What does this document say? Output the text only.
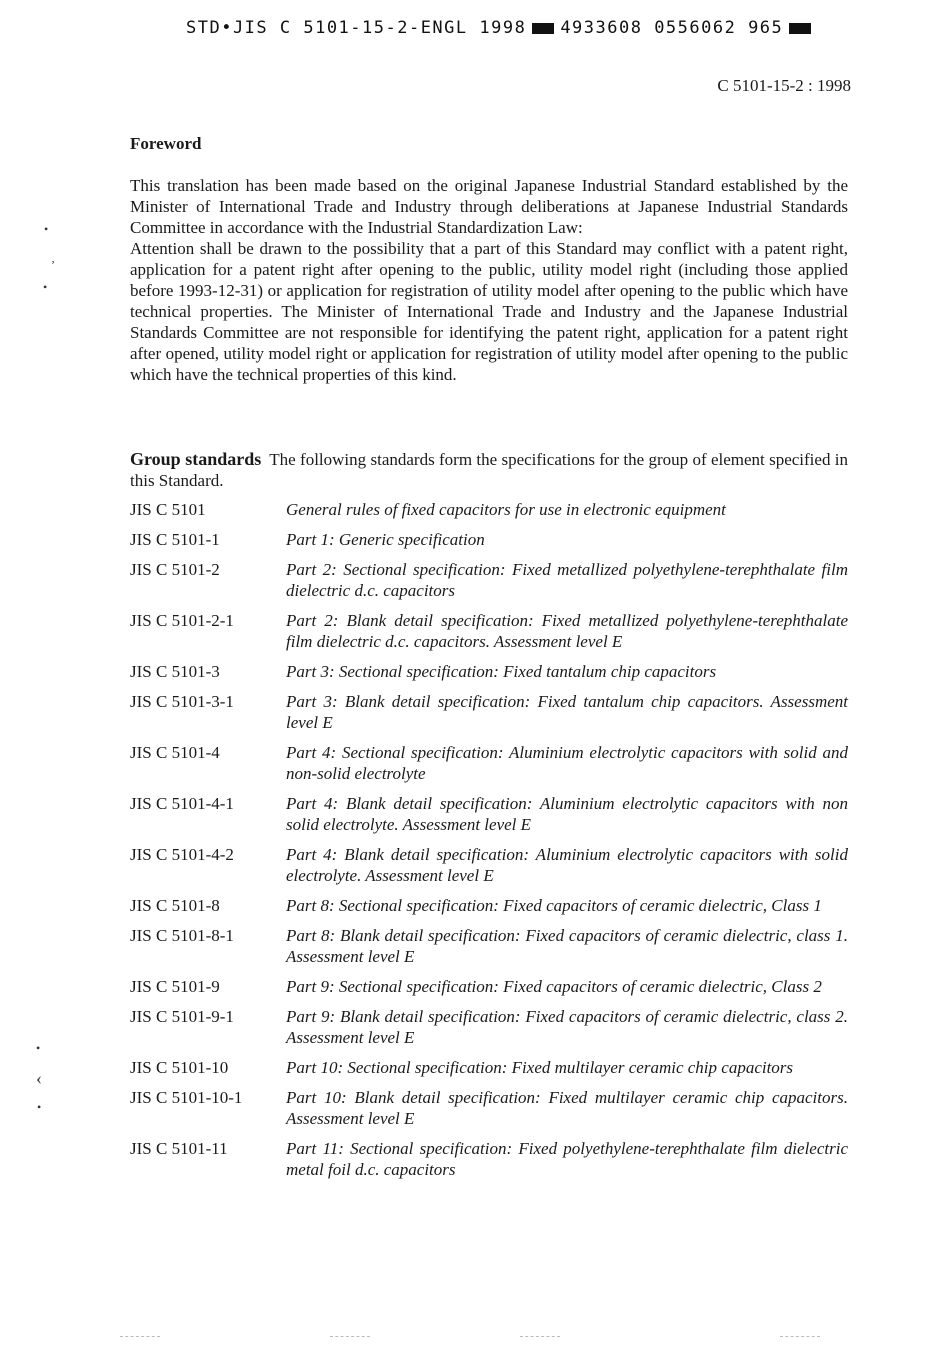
STD•JIS C 5101-15-2-ENGL 1998 4933608 0556062 965
C 5101-15-2 : 1998
Foreword

This translation has been made based on the original Japanese Industrial Standard established by the Minister of International Trade and Industry through deliberations at Japanese Industrial Standards Committee in accordance with the Industrial Standardization Law:

Attention shall be drawn to the possibility that a part of this Standard may conflict with a patent right, application for a patent right after opening to the public, utility model right (including those applied before 1993-12-31) or application for registration of utility model after opening to the public which have technical properties. The Minister of International Trade and Industry and the Japanese Industrial Standards Committee are not responsible for identifying the patent right, application for a patent right after opened, utility model right or application for registration of utility model after opening to the public which have the technical properties of this kind.

Group standards The following standards form the specifications for the group of element specified in this Standard.
JIS C 5101	General rules of fixed capacitors for use in electronic equipment
JIS C 5101-1	Part 1: Generic specification
JIS C 5101-2	Part 2: Sectional specification: Fixed metallized polyethylene-terephthalate film dielectric d.c. capacitors
JIS C 5101-2-1	Part 2: Blank detail specification: Fixed metallized polyethylene-terephthalate film dielectric d.c. capacitors. Assessment level E
JIS C 5101-3	Part 3: Sectional specification: Fixed tantalum chip capacitors
JIS C 5101-3-1	Part 3: Blank detail specification: Fixed tantalum chip capacitors. Assessment level E
JIS C 5101-4	Part 4: Sectional specification: Aluminium electrolytic capacitors with solid and non-solid electrolyte
JIS C 5101-4-1	Part 4: Blank detail specification: Aluminium electrolytic capacitors with non solid electrolyte. Assessment level E
JIS C 5101-4-2	Part 4: Blank detail specification: Aluminium electrolytic capacitors with solid electrolyte. Assessment level E
JIS C 5101-8	Part 8: Sectional specification: Fixed capacitors of ceramic dielectric, Class 1
JIS C 5101-8-1	Part 8: Blank detail specification: Fixed capacitors of ceramic dielectric, class 1. Assessment level E
JIS C 5101-9	Part 9: Sectional specification: Fixed capacitors of ceramic dielectric, Class 2
JIS C 5101-9-1	Part 9: Blank detail specification: Fixed capacitors of ceramic dielectric, class 2. Assessment level E
JIS C 5101-10	Part 10: Sectional specification: Fixed multilayer ceramic chip capacitors
JIS C 5101-10-1	Part 10: Blank detail specification: Fixed multilayer ceramic chip capacitors. Assessment level E
JIS C 5101-11	Part 11: Sectional specification: Fixed polyethylene-terephthalate film dielectric metal foil d.c. capacitors
•
ʼ
•
•
‹
•
